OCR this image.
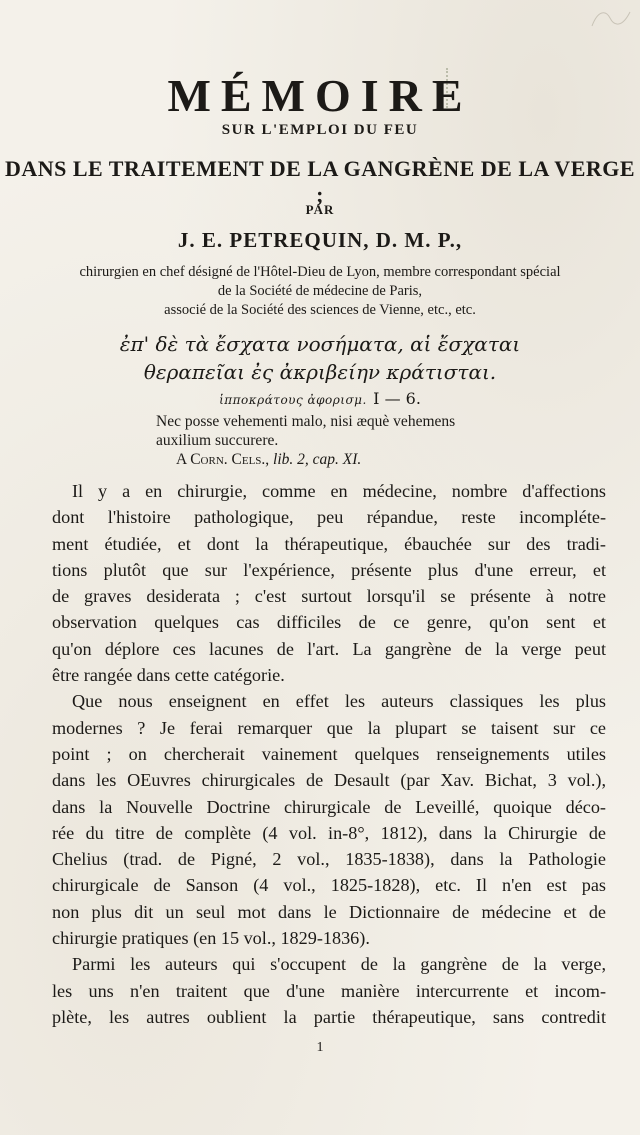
MÉMOIRE
SUR L'EMPLOI DU FEU
DANS LE TRAITEMENT DE LA GANGRÈNE DE LA VERGE ;
PAR
J. E. PETREQUIN, D. M. P.,
chirurgien en chef désigné de l'Hôtel-Dieu de Lyon, membre correspondant spécial
de la Société de médecine de Paris,
associé de la Société des sciences de Vienne, etc., etc.
ἐπ' δὲ τὰ ἔσχατα νοσήματα, αἱ ἔσχαται
θεραπεῖαι ἐς ἀκριβείην κράτισται.
ἱπποκράτους ἀφορισμ. I — 6.
Nec posse vehementi malo, nisi æquè vehemens
auxilium succurere.
A Corn. Cels., lib. 2, cap. XI.
Il y a en chirurgie, comme en médecine, nombre d'affections
dont l'histoire pathologique, peu répandue, reste incompléte-
ment étudiée, et dont la thérapeutique, ébauchée sur des tradi-
tions plutôt que sur l'expérience, présente plus d'une erreur, et
de graves desiderata ; c'est surtout lorsqu'il se présente à notre
observation quelques cas difficiles de ce genre, qu'on sent et
qu'on déplore ces lacunes de l'art. La gangrène de la verge peut
être rangée dans cette catégorie.
Que nous enseignent en effet les auteurs classiques les plus
modernes ? Je ferai remarquer que la plupart se taisent sur ce
point ; on chercherait vainement quelques renseignements utiles
dans les OEuvres chirurgicales de Desault (par Xav. Bichat, 3 vol.),
dans la Nouvelle Doctrine chirurgicale de Leveillé, quoique déco-
rée du titre de complète (4 vol. in-8°, 1812), dans la Chirurgie de
Chelius (trad. de Pigné, 2 vol., 1835-1838), dans la Pathologie
chirurgicale de Sanson (4 vol., 1825-1828), etc. Il n'en est pas
non plus dit un seul mot dans le Dictionnaire de médecine et de
chirurgie pratiques (en 15 vol., 1829-1836).
Parmi les auteurs qui s'occupent de la gangrène de la verge,
les uns n'en traitent que d'une manière intercurrente et incom-
plète, les autres oublient la partie thérapeutique, sans contredit
1
